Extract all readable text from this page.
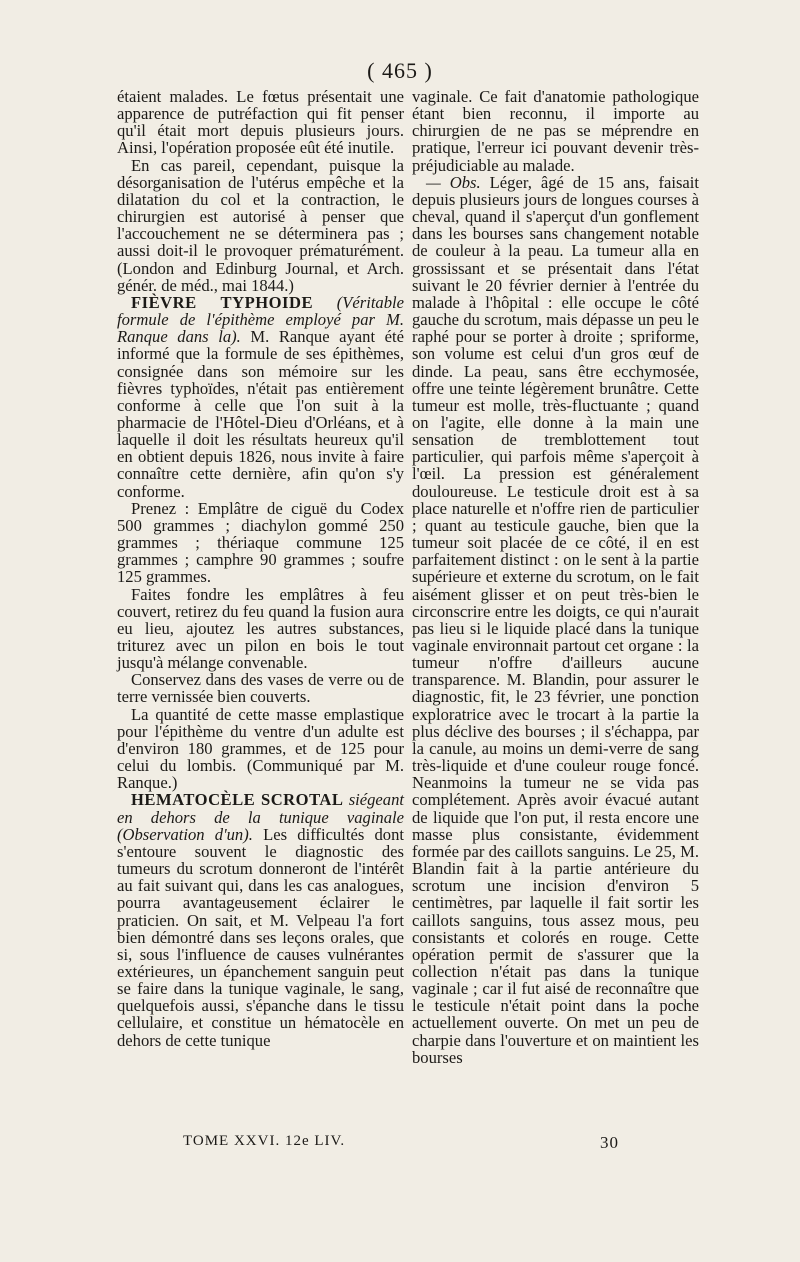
( 465 )

étaient malades. Le fœtus présentait une apparence de putréfaction qui fit penser qu'il était mort depuis plusieurs jours. Ainsi, l'opération proposée eût été inutile.

En cas pareil, cependant, puisque la désorganisation de l'utérus empêche et la dilatation du col et la contraction, le chirurgien est autorisé à penser que l'accouchement ne se déterminera pas ; aussi doit-il le provoquer prématurément. (London and Edinburg Journal, et Arch. génér. de méd., mai 1844.)

FIÈVRE TYPHOIDE (Véritable formule de l'épithème employé par M. Ranque dans la). M. Ranque ayant été informé que la formule de ses épithèmes, consignée dans son mémoire sur les fièvres typhoïdes, n'était pas entièrement conforme à celle que l'on suit à la pharmacie de l'Hôtel-Dieu d'Orléans, et à laquelle il doit les résultats heureux qu'il en obtient depuis 1826, nous invite à faire connaître cette dernière, afin qu'on s'y conforme.

Prenez : Emplâtre de ciguë du Codex 500 grammes ; diachylon gommé 250 grammes ; thériaque commune 125 grammes ; camphre 90 grammes ; soufre 125 grammes.

Faites fondre les emplâtres à feu couvert, retirez du feu quand la fusion aura eu lieu, ajoutez les autres substances, triturez avec un pilon en bois le tout jusqu'à mélange convenable.

Conservez dans des vases de verre ou de terre vernissée bien couverts.

La quantité de cette masse emplastique pour l'épithème du ventre d'un adulte est d'environ 180 grammes, et de 125 pour celui du lombis. (Communiqué par M. Ranque.)

HEMATOCÈLE SCROTAL siégeant en dehors de la tunique vaginale (Observation d'un). Les difficultés dont s'entoure souvent le diagnostic des tumeurs du scrotum donneront de l'intérêt au fait suivant qui, dans les cas analogues, pourra avantageusement éclairer le praticien. On sait, et M. Velpeau l'a fort bien démontré dans ses leçons orales, que si, sous l'influence de causes vulnérantes extérieures, un épanchement sanguin peut se faire dans la tunique vaginale, le sang, quelquefois aussi, s'épanche dans le tissu cellulaire, et constitue un hématocèle en dehors de cette tunique

vaginale. Ce fait d'anatomie pathologique étant bien reconnu, il importe au chirurgien de ne pas se méprendre en pratique, l'erreur ici pouvant devenir très-préjudiciable au malade.

— Obs. Léger, âgé de 15 ans, faisait depuis plusieurs jours de longues courses à cheval, quand il s'aperçut d'un gonflement dans les bourses sans changement notable de couleur à la peau. La tumeur alla en grossissant et se présentait dans l'état suivant le 20 février dernier à l'entrée du malade à l'hôpital : elle occupe le côté gauche du scrotum, mais dépasse un peu le raphé pour se porter à droite ; spriforme, son volume est celui d'un gros œuf de dinde. La peau, sans être ecchymosée, offre une teinte légèrement brunâtre. Cette tumeur est molle, très-fluctuante ; quand on l'agite, elle donne à la main une sensation de tremblottement tout particulier, qui parfois même s'aperçoit à l'œil. La pression est généralement douloureuse. Le testicule droit est à sa place naturelle et n'offre rien de particulier ; quant au testicule gauche, bien que la tumeur soit placée de ce côté, il en est parfaitement distinct : on le sent à la partie supérieure et externe du scrotum, on le fait aisément glisser et on peut très-bien le circonscrire entre les doigts, ce qui n'aurait pas lieu si le liquide placé dans la tunique vaginale environnait partout cet organe : la tumeur n'offre d'ailleurs aucune transparence. M. Blandin, pour assurer le diagnostic, fit, le 23 février, une ponction exploratrice avec le trocart à la partie la plus déclive des bourses ; il s'échappa, par la canule, au moins un demi-verre de sang très-liquide et d'une couleur rouge foncé. Neanmoins la tumeur ne se vida pas complétement. Après avoir évacué autant de liquide que l'on put, il resta encore une masse plus consistante, évidemment formée par des caillots sanguins. Le 25, M. Blandin fait à la partie antérieure du scrotum une incision d'environ 5 centimètres, par laquelle il fait sortir les caillots sanguins, tous assez mous, peu consistants et colorés en rouge. Cette opération permit de s'assurer que la collection n'était pas dans la tunique vaginale ; car il fut aisé de reconnaître que le testicule n'était point dans la poche actuellement ouverte. On met un peu de charpie dans l'ouverture et on maintient les bourses

TOME XXVI. 12e LIV.	30
